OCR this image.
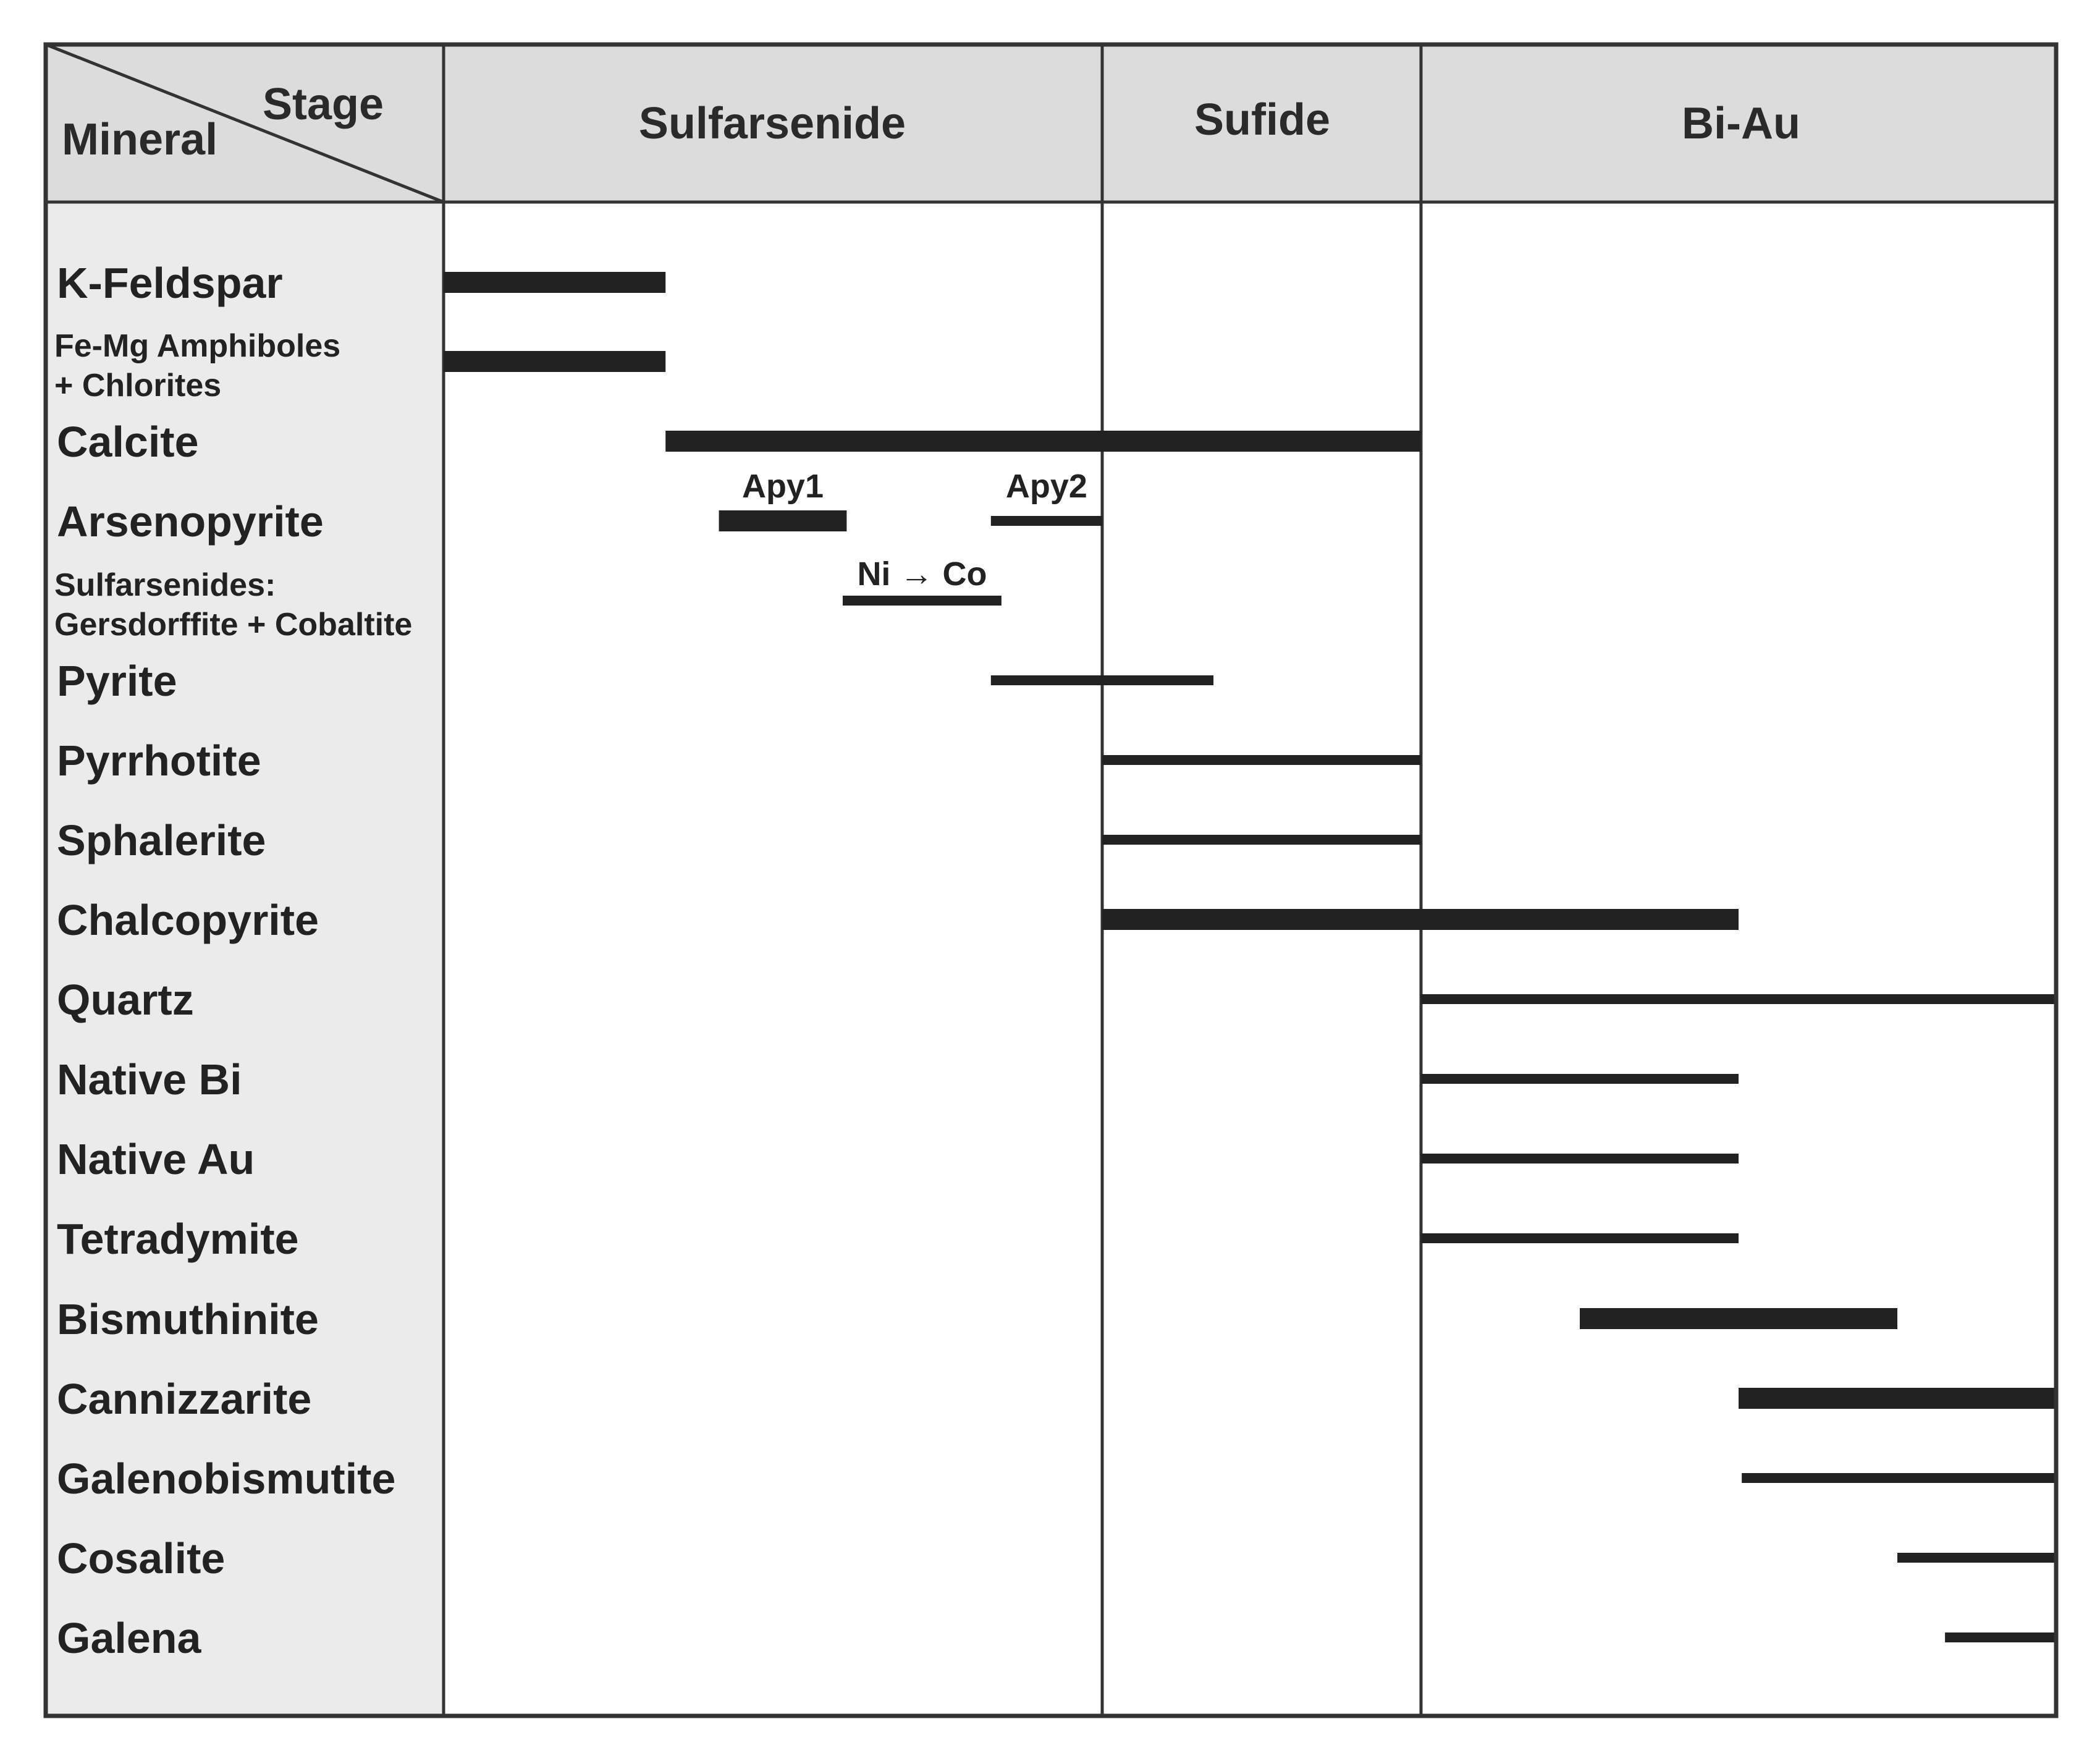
Stage
Mineral	Sulfarsenide	Sufide	Bi-Au
K-Feldspar
Fe-Mg Amphiboles
+ Chlorites
Calcite
Arsenopyrite
Sulfarsenides:
Gersdorffite + Cobaltite
Pyrite
Pyrrhotite
Sphalerite
Chalcopyrite
Quartz
Native Bi
Native Au
Tetradymite
Bismuthinite
Cannizzarite
Galenobismutite
Cosalite
Galena
Apy1	Apy2
Ni → Co
